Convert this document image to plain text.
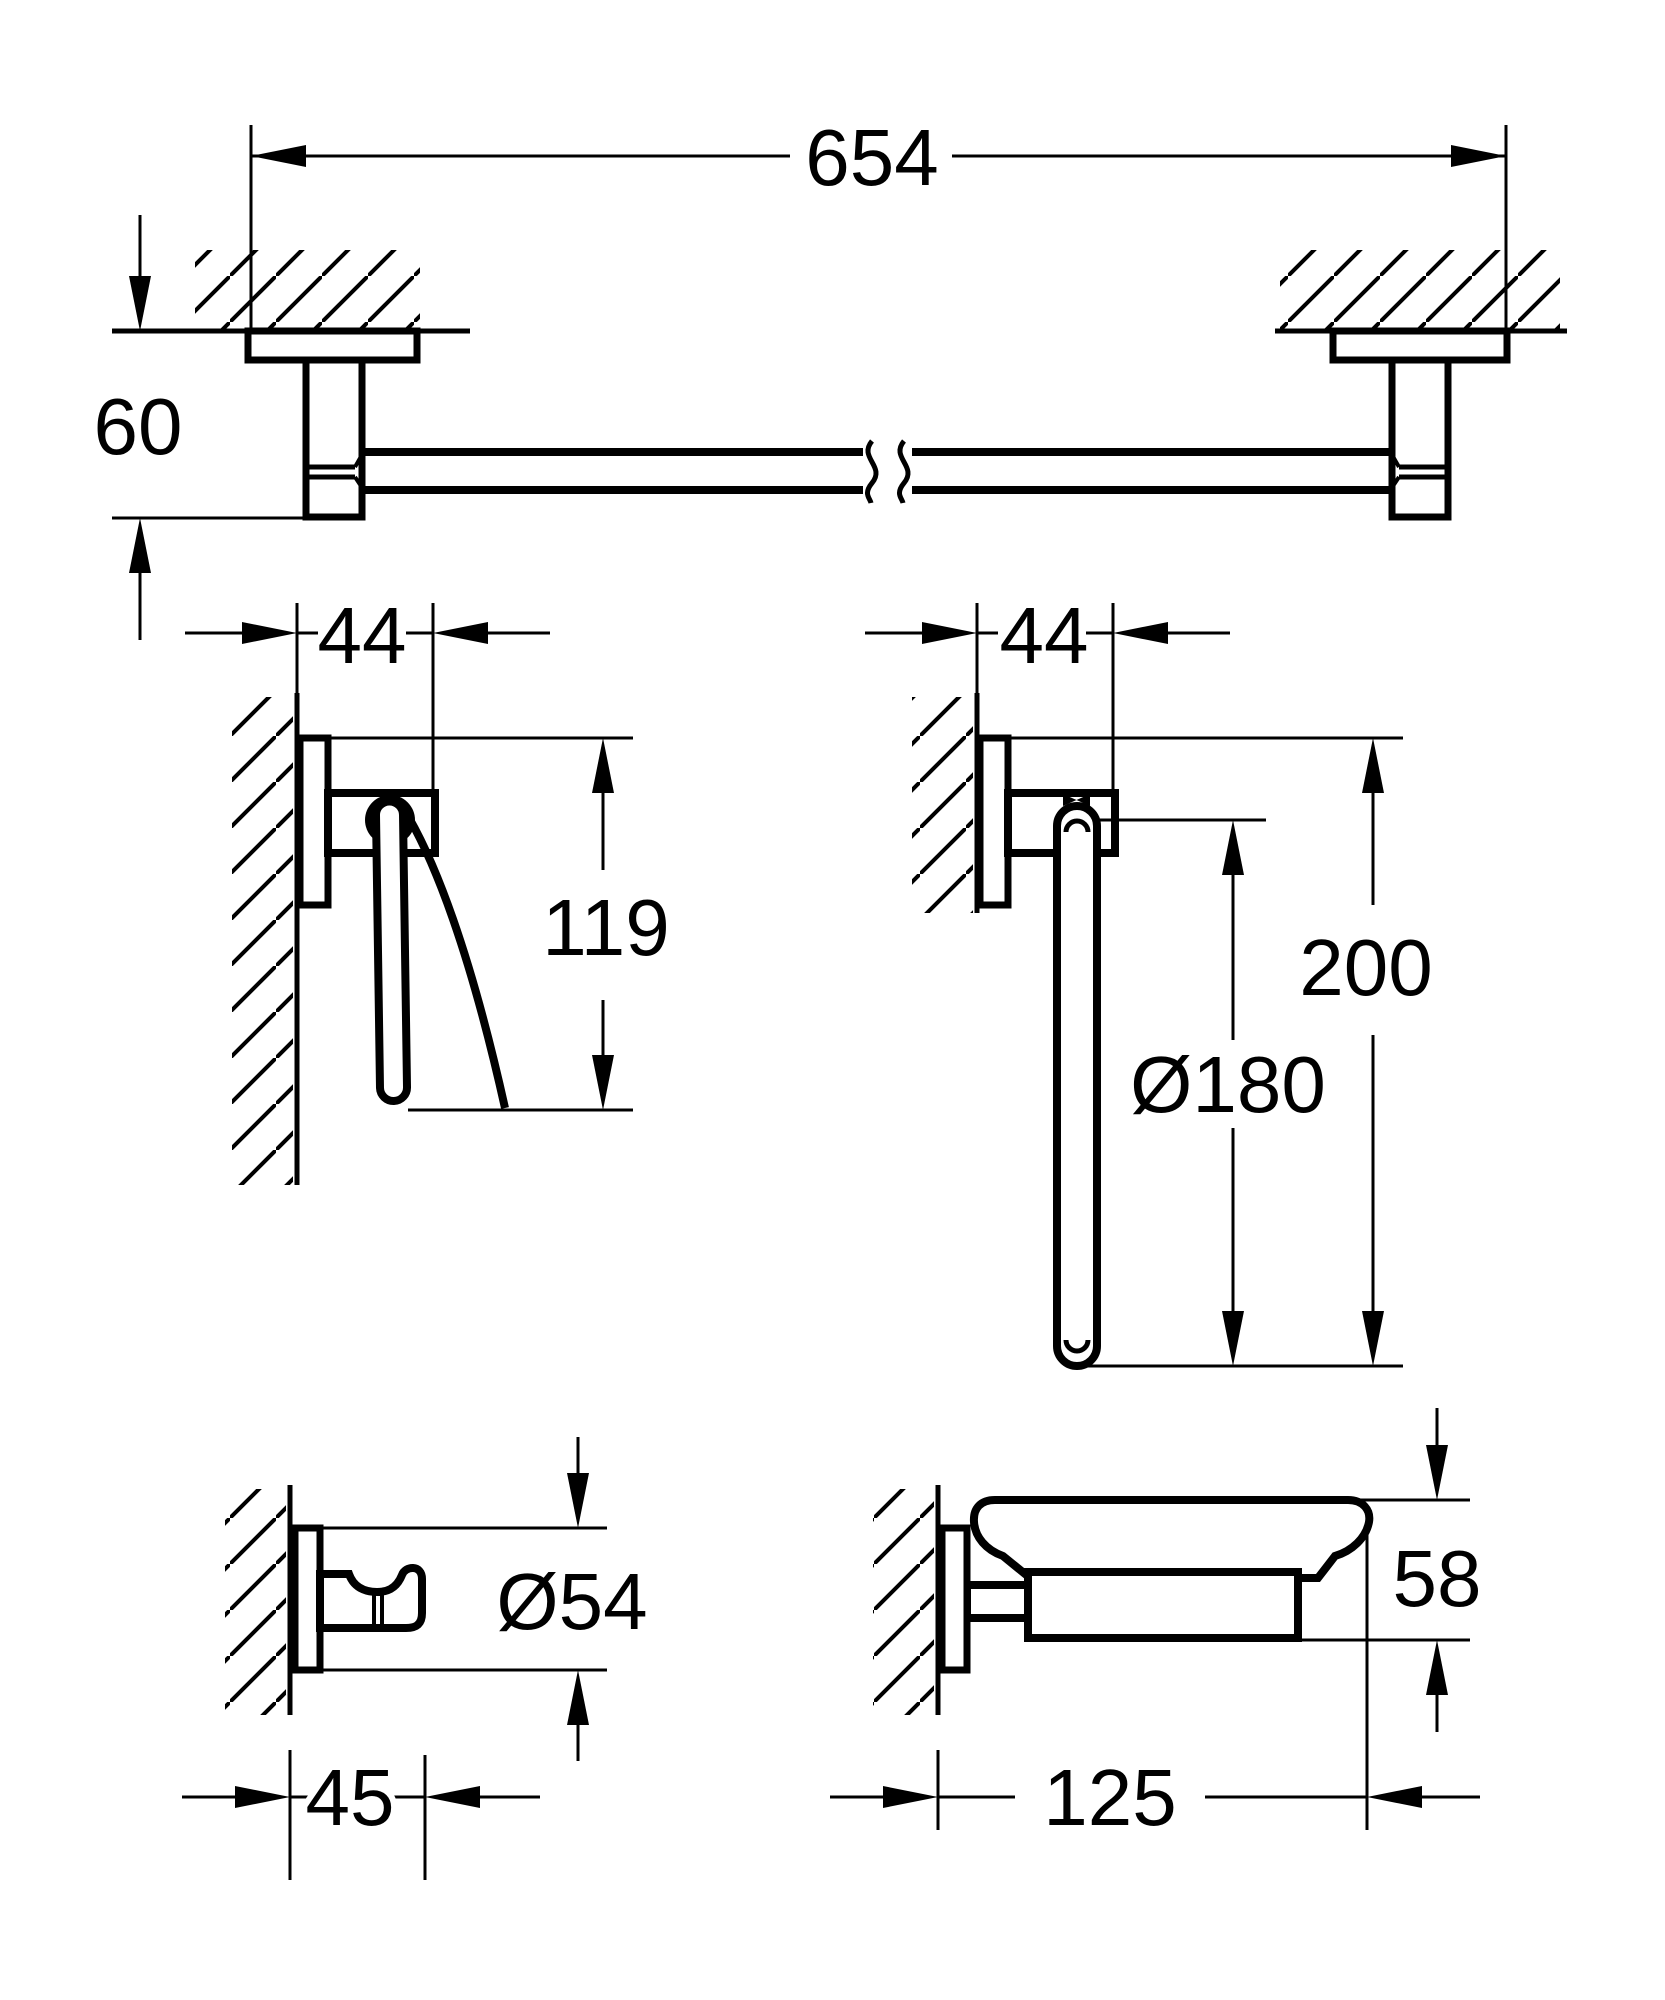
654
60
44
119
44
200
Ø180
Ø54
45
58
125
